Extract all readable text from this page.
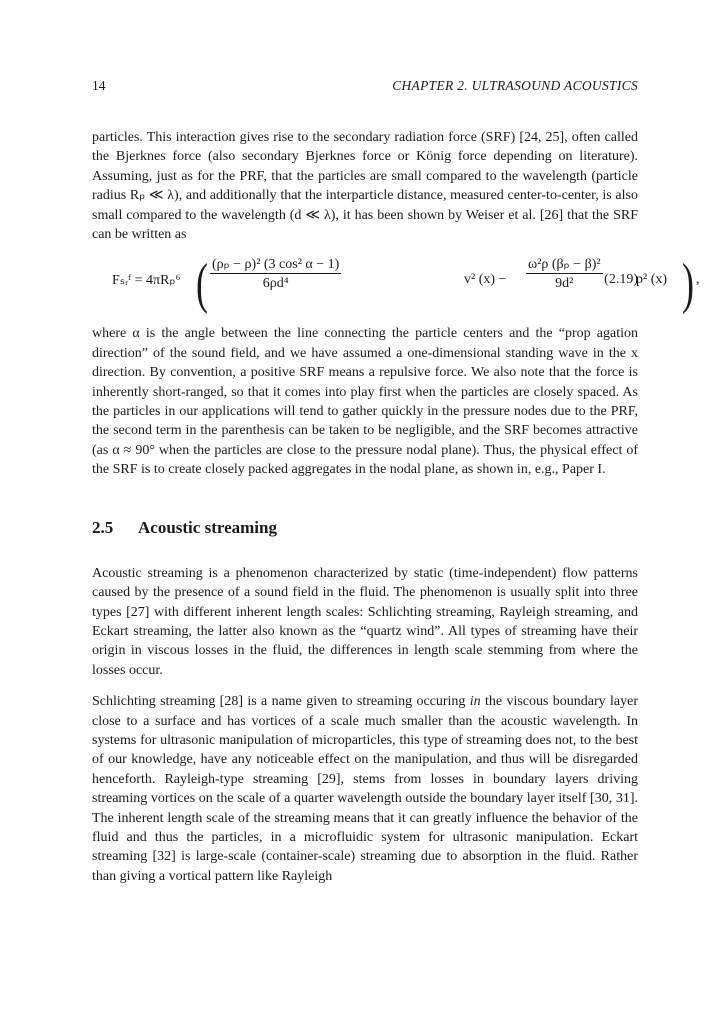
14	CHAPTER 2. ULTRASOUND ACOUSTICS

particles. This interaction gives rise to the secondary radiation force (SRF) [24, 25], often called the Bjerknes force (also secondary Bjerknes force or König force depending on literature). Assuming, just as for the PRF, that the particles are small compared to the wavelength (particle radius Rₚ ≪ λ), and additionally that the interparticle distance, measured center-to-center, is also small compared to the wavelength (d ≪ λ), it has been shown by Weiser et al. [26] that the SRF can be written as

Fₛᵣᶠ = 4πRₚ⁶ ( $\frac{\text{(ρₚ − ρ)² (3 cos² α − 1)}}{\text{6ρd⁴}}$	v² $(x) - \frac{\text{ω²ρ (βₚ − β)²}}{\text{9d²}} p^2$ (x) ) ,
(2.19)

where α is the angle between the line connecting the particle centers and the “prop agation direction” of the sound field, and we have assumed a one-dimensional standing wave in the x direction. By convention, a positive SRF means a repulsive force. We also note that the force is inherently short-ranged, so that it comes into play first when the particles are closely spaced. As the particles in our applications will tend to gather quickly in the pressure nodes due to the PRF, the second term in the parenthesis can be taken to be negligible, and the SRF becomes attractive (as α ≈ 90° when the particles are close to the pressure nodal plane). Thus, the physical effect of the SRF is to create closely packed aggregates in the nodal plane, as shown in, e.g., Paper I.

2.5 Acoustic streaming

Acoustic streaming is a phenomenon characterized by static (time-independent) flow patterns caused by the presence of a sound field in the fluid. The phenomenon is usually split into three types [27] with different inherent length scales: Schlichting streaming, Rayleigh streaming, and Eckart streaming, the latter also known as the “quartz wind”. All types of streaming have their origin in viscous losses in the fluid, the differences in length scale stemming from where the losses occur.

Schlichting streaming [28] is a name given to streaming occuring in the viscous boundary layer close to a surface and has vortices of a scale much smaller than the acoustic wavelength. In systems for ultrasonic manipulation of microparticles, this type of streaming does not, to the best of our knowledge, have any noticeable effect on the manipulation, and thus will be disregarded henceforth. Rayleigh-type streaming [29], stems from losses in boundary layers driving streaming vortices on the scale of a quarter wavelength outside the boundary layer itself [30, 31]. The inherent length scale of the streaming means that it can greatly influence the behavior of the fluid and thus the particles, in a microfluidic system for ultrasonic manipulation. Eckart streaming [32] is large-scale (container-scale) streaming due to absorption in the fluid. Rather than giving a vortical pattern like Rayleigh
